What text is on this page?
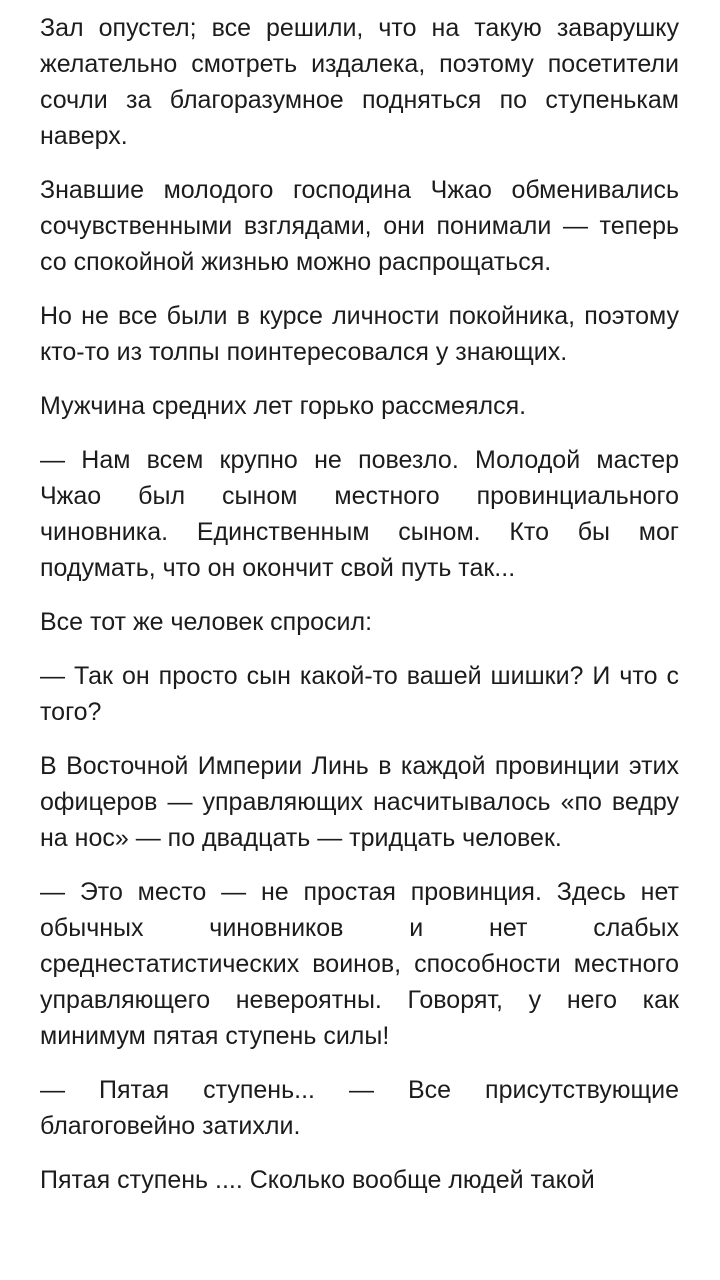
Зал опустел; все решили, что на такую заварушку желательно смотреть издалека, поэтому посетители сочли за благоразумное подняться по ступенькам наверх.

Знавшие молодого господина Чжао обменивались сочувственными взглядами, они понимали — теперь со спокойной жизнью можно распрощаться.

Но не все были в курсе личности покойника, поэтому кто-то из толпы поинтересовался у знающих.

Мужчина средних лет горько рассмеялся.

— Нам всем крупно не повезло. Молодой мастер Чжао был сыном местного провинциального чиновника. Единственным сыном. Кто бы мог подумать, что он окончит свой путь так...

Все тот же человек спросил:

— Так он просто сын какой-то вашей шишки? И что с того?

В Восточной Империи Линь в каждой провинции этих офицеров — управляющих насчитывалось «по ведру на нос» — по двадцать — тридцать человек.

— Это место — не простая провинция. Здесь нет обычных чиновников и нет слабых среднестатистических воинов, способности местного управляющего невероятны. Говорят, у него как минимум пятая ступень силы!

— Пятая ступень... — Все присутствующие благоговейно затихли.

Пятая ступень .... Сколько вообще людей такой
